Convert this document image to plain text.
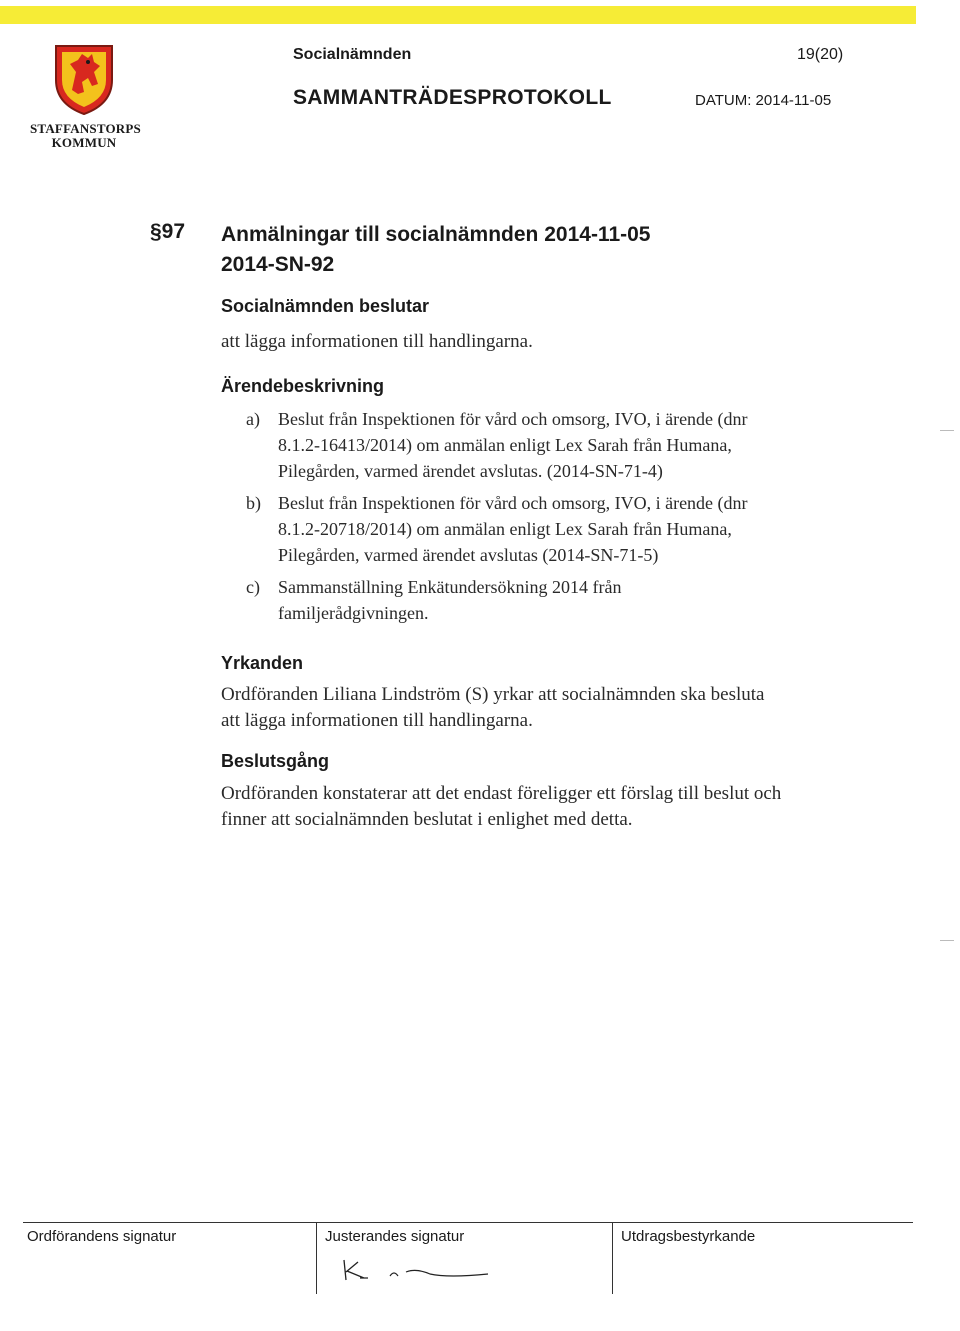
STAFFANSTORPS
KOMMUN
Socialnämnden	19(20)
SAMMANTRÄDESPROTOKOLL	DATUM: 2014-11-05
§97 Anmälningar till socialnämnden 2014-11-05
2014-SN-92
Socialnämnden beslutar
att lägga informationen till handlingarna.
Ärendebeskrivning
a) Beslut från Inspektionen för vård och omsorg, IVO, i ärende (dnr
8.1.2-16413/2014) om anmälan enligt Lex Sarah från Humana,
Pilegården, varmed ärendet avslutas. (2014-SN-71-4)
b) Beslut från Inspektionen för vård och omsorg, IVO, i ärende (dnr
8.1.2-20718/2014) om anmälan enligt Lex Sarah från Humana,
Pilegården, varmed ärendet avslutas (2014-SN-71-5)
c) Sammanställning Enkätundersökning 2014 från
familjerådgivningen.
Yrkanden
Ordföranden Liliana Lindström (S) yrkar att socialnämnden ska besluta
att lägga informationen till handlingarna.
Beslutsgång
Ordföranden konstaterar att det endast föreligger ett förslag till beslut och
finner att socialnämnden beslutat i enlighet med detta.
Ordförandens signatur	Justerandes signatur	Utdragsbestyrkande
